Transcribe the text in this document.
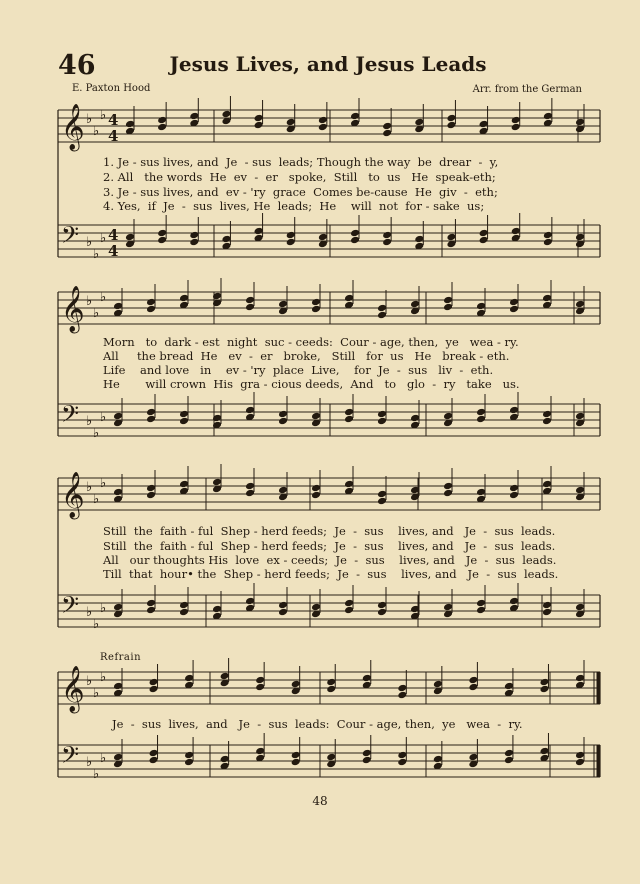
46	Jesus Lives, and Jesus Leads
E. Paxton Hood	Arr. from the German
Refrain
48
𝄞 ♭
♭
♭ 4
4
𝄢 ♭
♭
♭ 4
4
𝄞 ♭
♭
♭
𝄢 ♭
♭
♭
𝄞 ♭
♭
♭
𝄢 ♭
♭
♭
𝄞 ♭
♭
♭
𝄢 ♭
♭
♭
1. Je - sus lives, and  Je  - sus  leads; Though the way  be  drear  -  y,
2. All   the words  He  ev  -  er   spoke,  Still   to  us   He  speak-eth;
3. Je - sus lives, and  ev - 'ry  grace  Comes be-cause  He  giv  -  eth;
4. Yes,  if  Je  -  sus  lives, He  leads;  He    will  not  for - sake  us;
Morn   to  dark - est  night  suc - ceeds:  Cour - age, then,  ye   wea - ry.
All     the bread  He   ev  -  er   broke,   Still   for  us   He   break - eth.
Life    and love   in    ev - 'ry  place  Live,    for  Je  -  sus   liv  -  eth.
He       will crown  His  gra - cious deeds,  And   to   glo  -  ry   take   us.
Still  the  faith - ful  Shep - herd feeds;  Je  -  sus    lives, and   Je  -  sus  leads.
Still  the  faith - ful  Shep - herd feeds;  Je  -  sus    lives, and   Je  -  sus  leads.
All   our thoughts His  love  ex - ceeds;  Je  -  sus    lives, and   Je  -  sus  leads.
Till  that  hour• the  Shep - herd feeds;  Je  -  sus    lives, and   Je  -  sus  leads.
Je  -  sus  lives,  and   Je  -  sus  leads:  Cour - age, then,  ye   wea  -  ry.
